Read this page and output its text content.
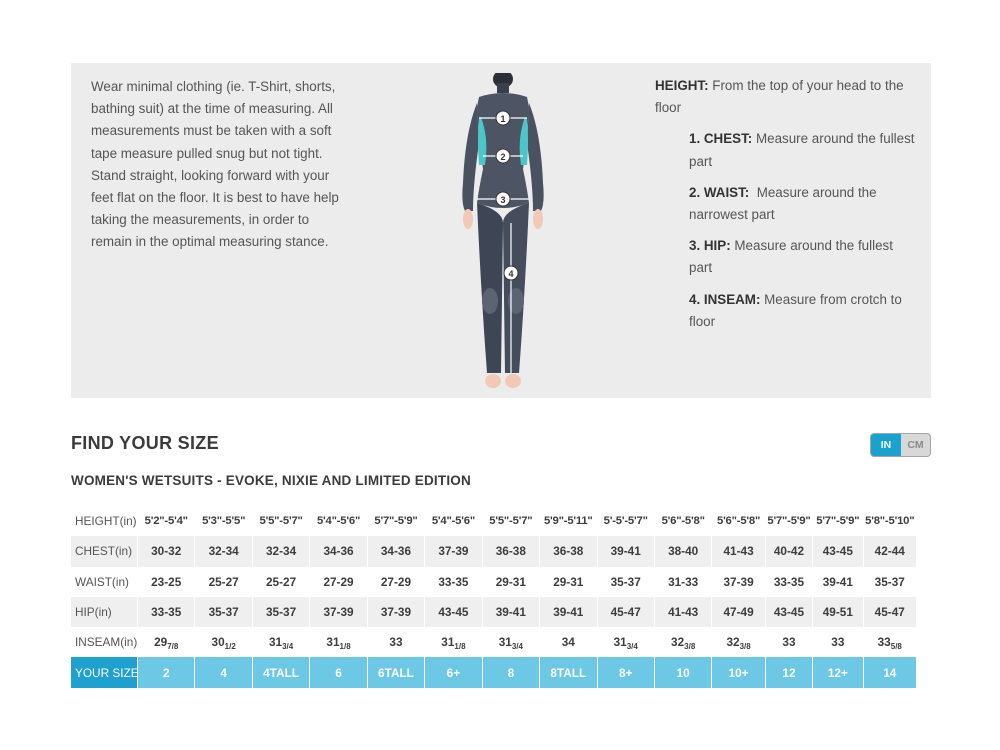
Wear minimal clothing (ie. T-Shirt, shorts, bathing suit) at the time of measuring. All measurements must be taken with a soft tape measure pulled snug but not tight. Stand straight, looking forward with your feet flat on the floor. It is best to have help taking the measurements, in order to remain in the optimal measuring stance.

1
2
3
4

HEIGHT: From the top of your head to the floor

1. CHEST: Measure around the fullest part

2. WAIST:  Measure around the narrowest part

3. HIP: Measure around the fullest part

4. INSEAM: Measure from crotch to floor

FIND YOUR SIZE	IN	CM
WOMEN'S WETSUITS - EVOKE, NIXIE AND LIMITED EDITION
HEIGHT(in)	5'2"-5'4"	5'3"-5'5"	5'5"-5'7"	5'4"-5'6"	5'7"-5'9"	5'4"-5'6"	5'5"-5'7"	5'9"-5'11"	5'-5'-5'7"	5'6"-5'8"	5'6"-5'8"	5'7"-5'9"	5'7"-5'9"	5'8"-5'10"
CHEST(in)	30-32	32-34	32-34	34-36	34-36	37-39	36-38	36-38	39-41	38-40	41-43	40-42	43-45	42-44
WAIST(in)	23-25	25-27	25-27	27-29	27-29	33-35	29-31	29-31	35-37	31-33	37-39	33-35	39-41	35-37
HIP(in)	33-35	35-37	35-37	37-39	37-39	43-45	39-41	39-41	45-47	41-43	47-49	43-45	49-51	45-47
INSEAM(in)	$29_{7/8}$	$30_{1/2}$	$31_{3/4}$	$31_{1/8}$	33	$31_{1/8}$	$31_{3/4}$	34	$31_{3/4}$	$32_{3/8}$	$32_{3/8}$	33	33	$33_{5/8}$
YOUR SIZE	2	4	4TALL	6	6TALL	6+	8	8TALL	8+	10	10+	12	12+	14
